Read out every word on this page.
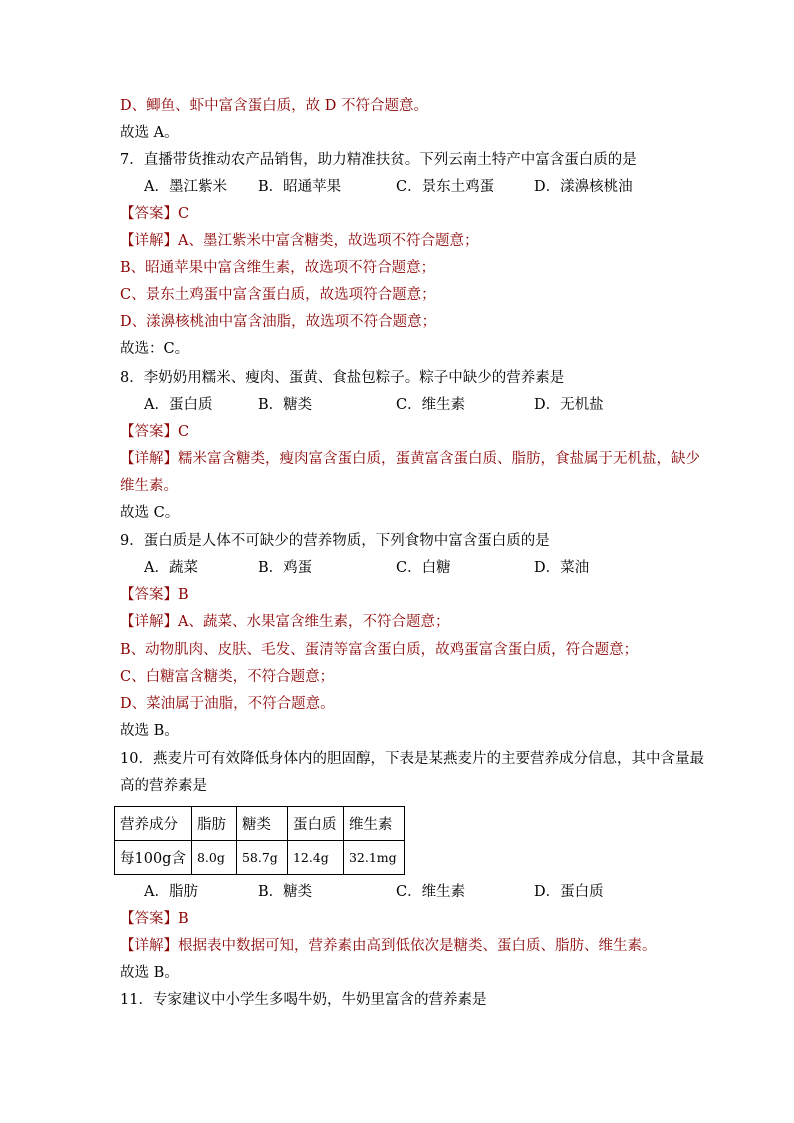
D、鲫鱼、虾中富含蛋白质，故 D 不符合题意。
故选 A。
7．直播带货推动农产品销售，助力精准扶贫。下列云南土特产中富含蛋白质的是
A．墨江紫米 B．昭通苹果	C．景东土鸡蛋	D．漾濞核桃油
【答案】C
【详解】A、墨江紫米中富含糖类，故选项不符合题意；
B、昭通苹果中富含维生素，故选项不符合题意；
C、景东土鸡蛋中富含蛋白质，故选项符合题意；
D、漾濞核桃油中富含油脂，故选项不符合题意；
故选：C。
8．李奶奶用糯米、瘦肉、蛋黄、食盐包粽子。粽子中缺少的营养素是
A．蛋白质	B．糖类	C．维生素	D．无机盐
【答案】C
【详解】糯米富含糖类，瘦肉富含蛋白质，蛋黄富含蛋白质、脂肪，食盐属于无机盐，缺少
维生素。
故选 C。
9．蛋白质是人体不可缺少的营养物质，下列食物中富含蛋白质的是
A．蔬菜	B．鸡蛋	C．白糖	D．菜油
【答案】B
【详解】A、蔬菜、水果富含维生素，不符合题意；
B、动物肌肉、皮肤、毛发、蛋清等富含蛋白质，故鸡蛋富含蛋白质，符合题意；
C、白糖富含糖类，不符合题意；
D、菜油属于油脂，不符合题意。
故选 B。
10．燕麦片可有效降低身体内的胆固醇，下表是某燕麦片的主要营养成分信息，其中含量最
高的营养素是
营养成分	脂肪	糖类	蛋白质	维生素
每100g含	8.0g	58.7g	12.4g	32.1mg
A．脂肪	B．糖类	C．维生素	D．蛋白质
【答案】B
【详解】根据表中数据可知，营养素由高到低依次是糖类、蛋白质、脂肪、维生素。
故选 B。
11．专家建议中小学生多喝牛奶，牛奶里富含的营养素是
